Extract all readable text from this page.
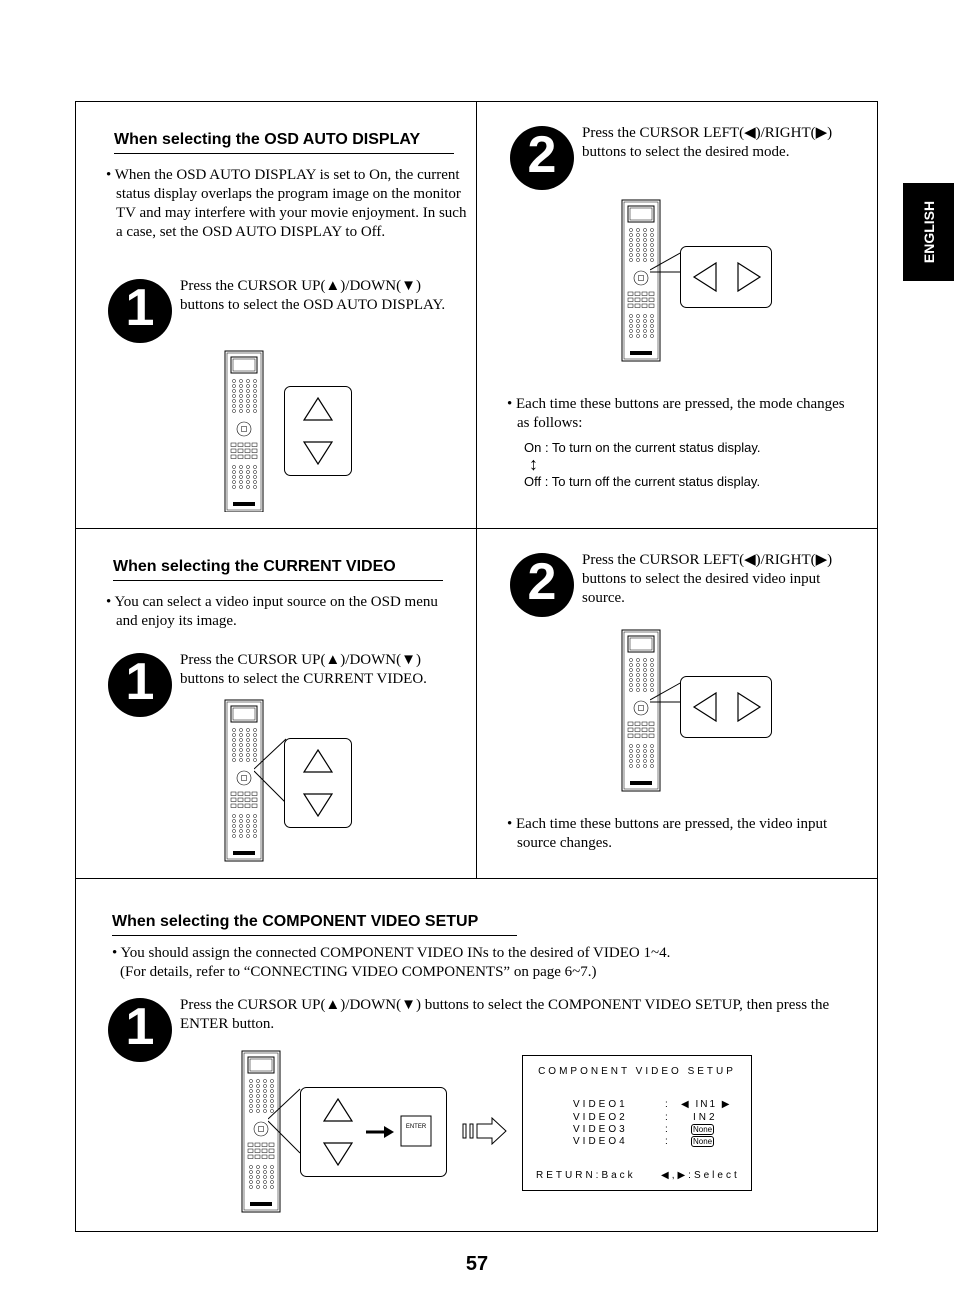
ENGLISH
When selecting the OSD AUTO DISPLAY
• When the OSD AUTO DISPLAY is set to On, the current status display overlaps the program image on the monitor TV and may interfere with your movie enjoyment. In such a case, set the OSD AUTO DISPLAY to Off.
1	Press the CURSOR UP(▲)/DOWN(▼) buttons to select the OSD AUTO DISPLAY.
2	Press the CURSOR LEFT(◀)/RIGHT(▶) buttons to select the desired mode.
• Each time these buttons are pressed, the mode changes as follows:
On : To turn on the current status display.
↕
Off : To turn off the current status display.
When selecting the CURRENT VIDEO
• You can select a video input source on the OSD menu and enjoy its image.
1	Press the CURSOR UP(▲)/DOWN(▼) buttons to select the CURRENT VIDEO.
2	Press the CURSOR LEFT(◀)/RIGHT(▶) buttons to select the desired video input source.
• Each time these buttons are pressed, the video input source changes.
When selecting the COMPONENT VIDEO SETUP
• You should assign the connected COMPONENT VIDEO INs to the desired of VIDEO 1~4.
(For details, refer to “CONNECTING VIDEO COMPONENTS” on page 6~7.)
1	Press the CURSOR UP(▲)/DOWN(▼) buttons to select the COMPONENT VIDEO SETUP, then press the ENTER button.
ENTER
COMPONENT VIDEO SETUP
VIDEO1	: ◀ IN1 ▶
VIDEO2	: IN2
VIDEO3	:	None
VIDEO4	:	None
RETURN:Back	◀,▶:Select
57
